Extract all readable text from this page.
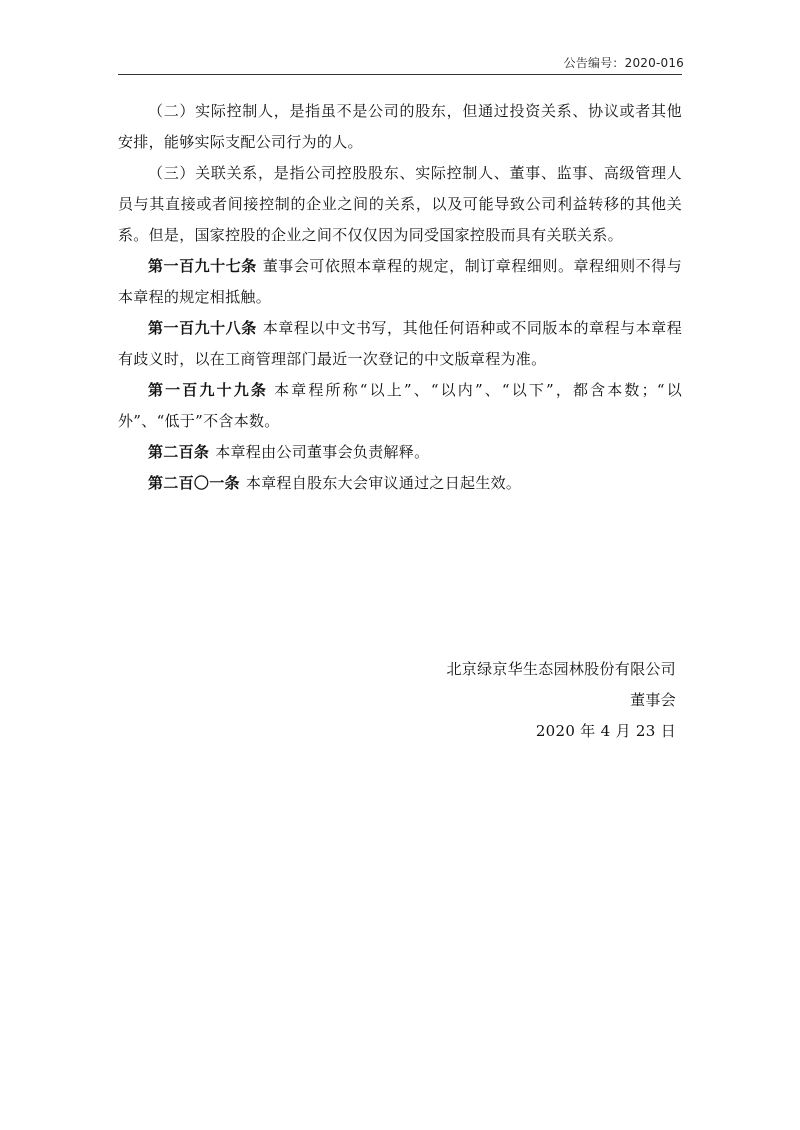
公告编号：2020-016

（二）实际控制人，是指虽不是公司的股东，但通过投资关系、协议或者其他安排，能够实际支配公司行为的人。

（三）关联关系，是指公司控股股东、实际控制人、董事、监事、高级管理人员与其直接或者间接控制的企业之间的关系，以及可能导致公司利益转移的其他关系。但是，国家控股的企业之间不仅仅因为同受国家控股而具有关联关系。

第一百九十七条 董事会可依照本章程的规定，制订章程细则。章程细则不得与本章程的规定相抵触。

第一百九十八条 本章程以中文书写，其他任何语种或不同版本的章程与本章程有歧义时，以在工商管理部门最近一次登记的中文版章程为准。

第一百九十九条 本章程所称“以上”、“以内”、“以下”，都含本数；“以外”、“低于”不含本数。

第二百条 本章程由公司董事会负责解释。

第二百〇一条 本章程自股东大会审议通过之日起生效。

北京绿京华生态园林股份有限公司
董事会
2020 年 4 月 23 日
